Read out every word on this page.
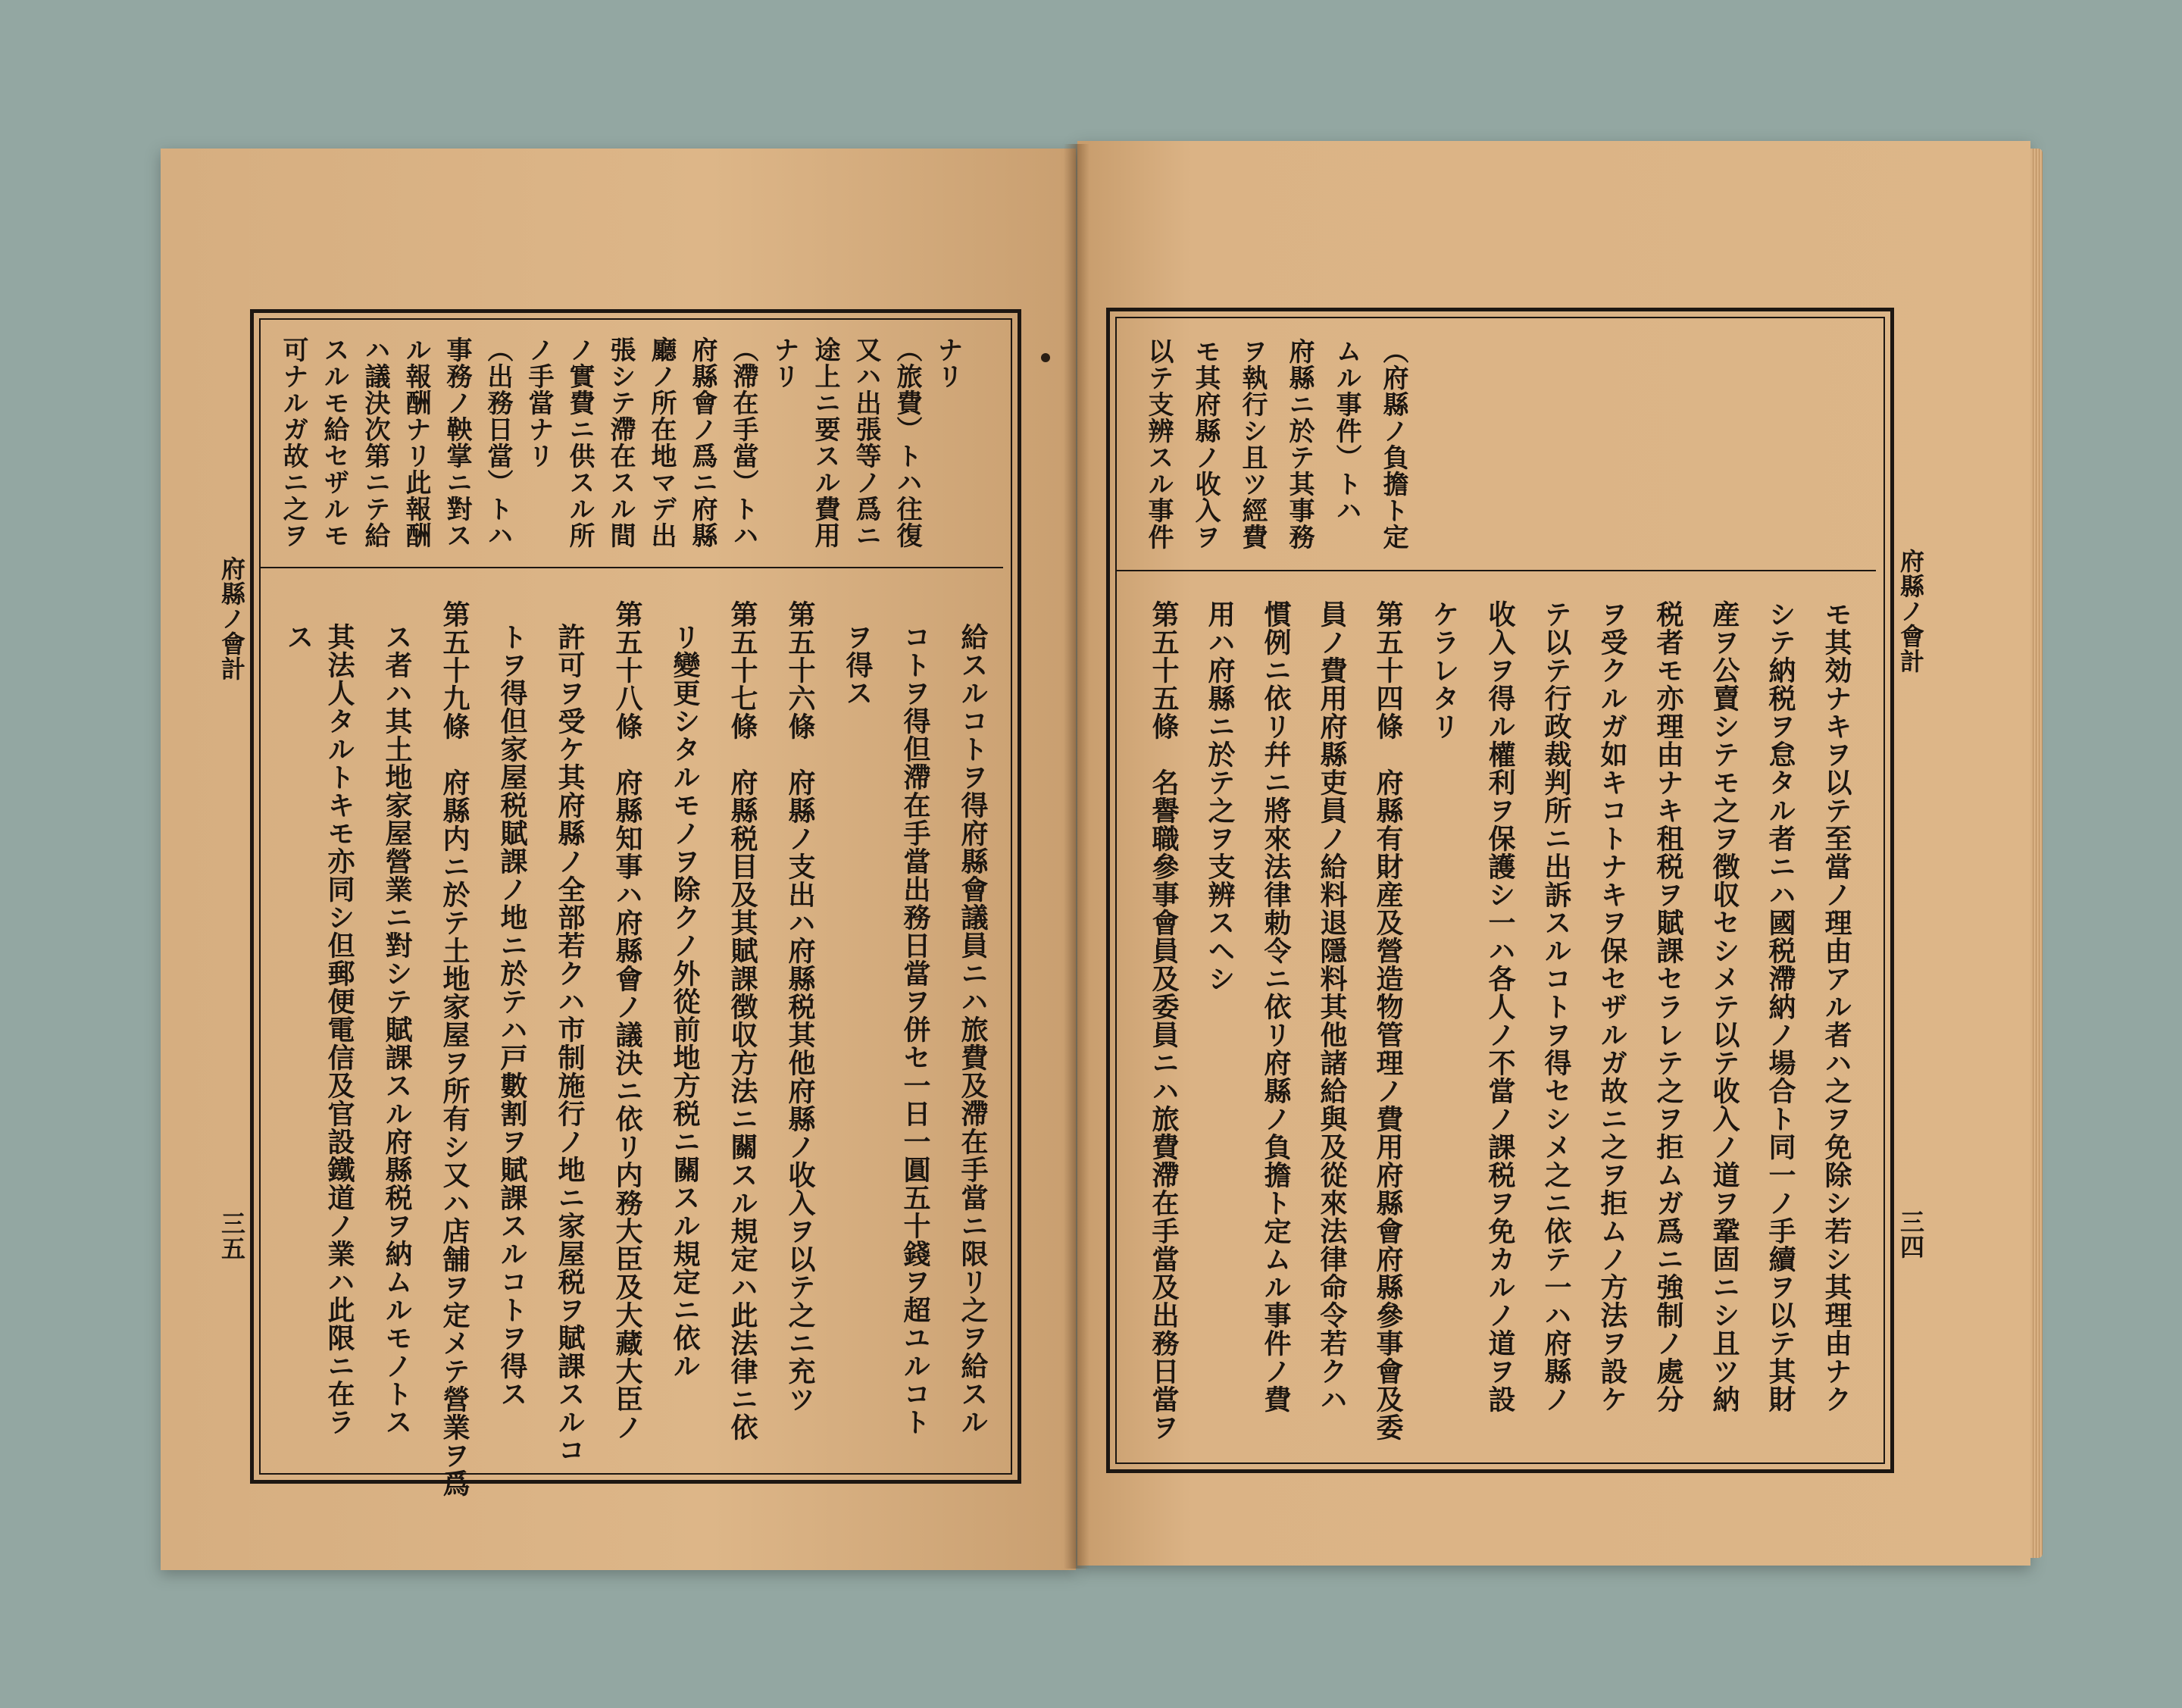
府縣ノ會計
三四
（府縣ノ負擔ト定
ムル事件）トハ
府縣ニ於テ其事務
ヲ執行シ且ツ經費
モ其府縣ノ收入ヲ
以テ支辨スル事件
モ其効ナキヲ以テ至當ノ理由アル者ハ之ヲ免除シ若シ其理由ナク
シテ納税ヲ怠タル者ニハ國税滯納ノ場合ト同一ノ手續ヲ以テ其財
産ヲ公賣シテモ之ヲ徴収セシメテ以テ收入ノ道ヲ鞏固ニシ且ツ納
税者モ亦理由ナキ租税ヲ賦課セラレテ之ヲ拒ムガ爲ニ強制ノ處分
ヲ受クルガ如キコトナキヲ保セザルガ故ニ之ヲ拒ムノ方法ヲ設ケ
テ以テ行政裁判所ニ出訴スルコトヲ得セシメ之ニ依テ一ハ府縣ノ
收入ヲ得ル權利ヲ保護シ一ハ各人ノ不當ノ課税ヲ免カルノ道ヲ設
ケラレタリ
第五十四條　府縣有財産及營造物管理ノ費用府縣會府縣參事會及委
員ノ費用府縣吏員ノ給料退隱料其他諸給與及從來法律命令若クハ
慣例ニ依リ幷ニ將來法律勅令ニ依リ府縣ノ負擔ト定ムル事件ノ費
用ハ府縣ニ於テ之ヲ支辨スヘシ
第五十五條　名譽職參事會員及委員ニハ旅費滯在手當及出務日當ヲ
府縣ノ會計
三五
ナリ
（旅費）トハ往復
又ハ出張等ノ爲ニ
途上ニ要スル費用
ナリ
（滯在手當）トハ
府縣會ノ爲ニ府縣
廳ノ所在地マデ出
張シテ滯在スル間
ノ實費ニ供スル所
ノ手當ナリ
（出務日當）トハ
事務ノ鞅掌ニ對ス
ル報酬ナリ此報酬
ハ議決次第ニテ給
スルモ給セザルモ
可ナルガ故ニ之ヲ
給スルコトヲ得府縣會議員ニハ旅費及滯在手當ニ限リ之ヲ給スル
コトヲ得但滯在手當出務日當ヲ併セ一日一圓五十錢ヲ超ユルコト
ヲ得ス
第五十六條　府縣ノ支出ハ府縣税其他府縣ノ收入ヲ以テ之ニ充ツ
第五十七條　府縣税目及其賦課徴収方法ニ關スル規定ハ此法律ニ依
リ變更シタルモノヲ除クノ外從前地方税ニ關スル規定ニ依ル
第五十八條　府縣知事ハ府縣會ノ議決ニ依リ内務大臣及大藏大臣ノ
許可ヲ受ケ其府縣ノ全部若クハ市制施行ノ地ニ家屋税ヲ賦課スルコ
トヲ得但家屋税賦課ノ地ニ於テハ戸數割ヲ賦課スルコトヲ得ス
第五十九條　府縣内ニ於テ土地家屋ヲ所有シ又ハ店舗ヲ定メテ營業ヲ爲
ス者ハ其土地家屋營業ニ對シテ賦課スル府縣税ヲ納ムルモノトス
其法人タルトキモ亦同シ但郵便電信及官設鐵道ノ業ハ此限ニ在ラ
ス
